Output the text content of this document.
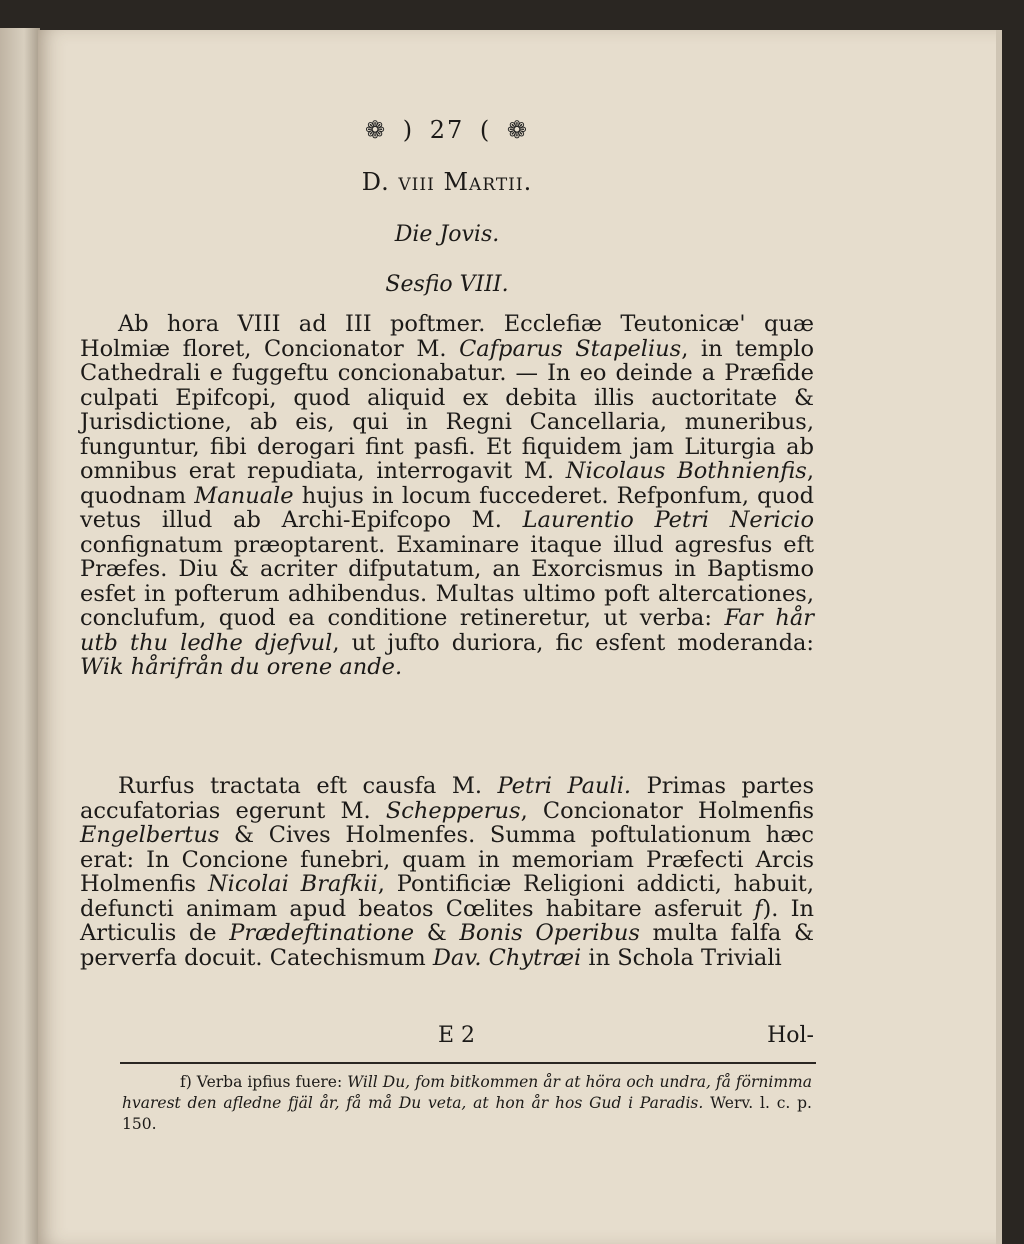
❁ ) 27 ( ❁
D. viii Martii.
Die Jovis.
Sesfio VIII.
Ab hora VIII ad III poftmer. Ecclefiæ Teutonicæ' quæ Holmiæ floret, Concionator M. Cafparus Stapelius, in templo Cathedrali e fuggeftu concionabatur. — In eo deinde a Præfide culpati Epifcopi, quod aliquid ex debita illis auctoritate & Jurisdictione, ab eis, qui in Regni Cancellaria, muneribus, funguntur, fibi derogari fint pasfi. Et fiquidem jam Liturgia ab omnibus erat repudiata, interrogavit M. Nicolaus Bothnienfis, quodnam Manuale hujus in locum fuccederet. Refponfum, quod vetus illud ab Archi-Epifcopo M. Laurentio Petri Nericio confignatum præoptarent. Examinare itaque illud agresfus eft Præfes. Diu & acriter difputatum, an Exorcismus in Baptismo esfet in pofterum adhibendus. Multas ultimo poft altercationes, conclufum, quod ea conditione retineretur, ut verba: Far hår utb thu ledhe djefvul, ut jufto duriora, fic esfent moderanda: Wik hårifrån du orene ande.
Rurfus tractata eft causfa M. Petri Pauli. Primas partes accufatorias egerunt M. Schepperus, Concionator Holmenfis Engelbertus & Cives Holmenfes. Summa poftulationum hæc erat: In Concione funebri, quam in memoriam Præfecti Arcis Holmenfis Nicolai Brafkii, Pontificiæ Religioni addicti, habuit, defuncti animam apud beatos Cœlites habitare asferuit f). In Articulis de Prædeftinatione & Bonis Operibus multa falfa & perverfa docuit. Catechismum Dav. Chytræi in Schola Triviali
E 2	Hol-
f) Verba ipfius fuere: Will Du, fom bitkommen år at höra och undra, få förnimma hvarest den afledne fjäl år, få må Du veta, at hon år hos Gud i Paradis. Werv. l. c. p. 150.
